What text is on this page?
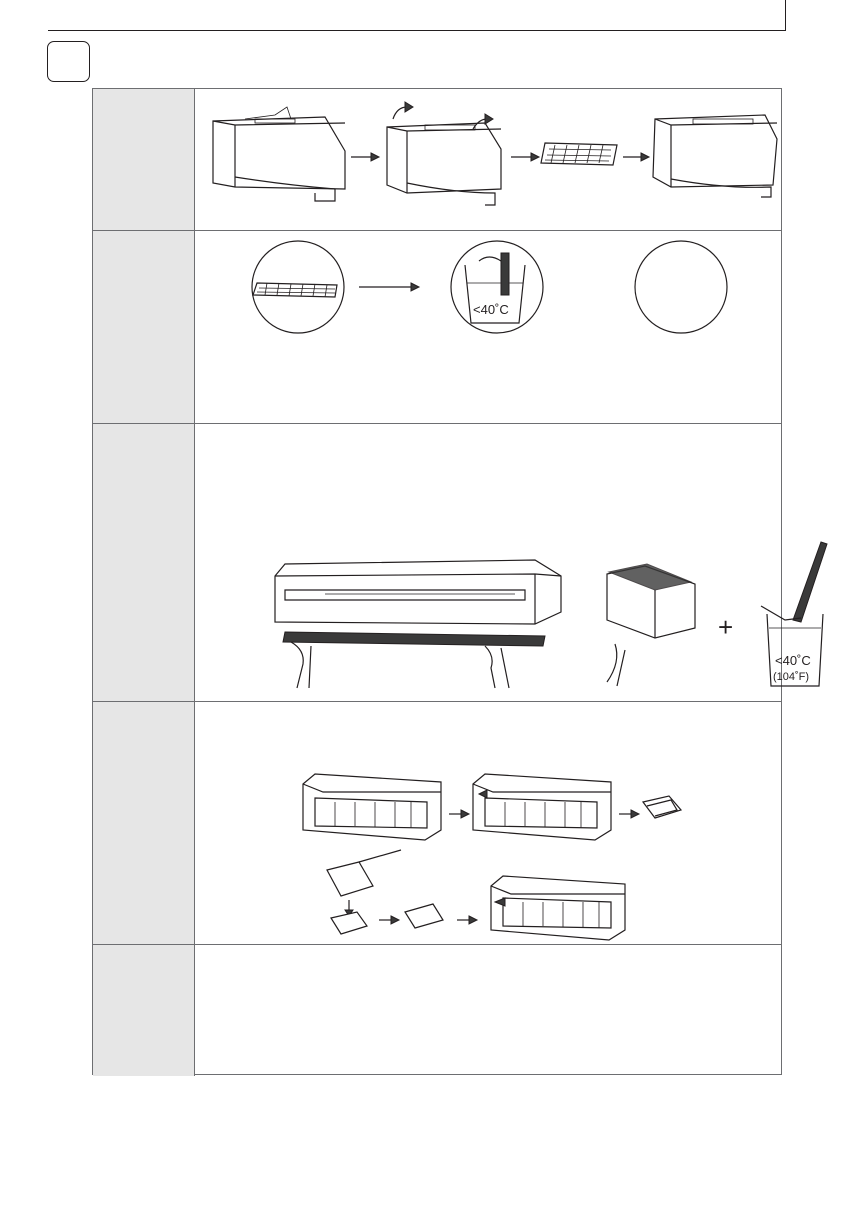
<40˚C
+
<40˚C
(104˚F)
